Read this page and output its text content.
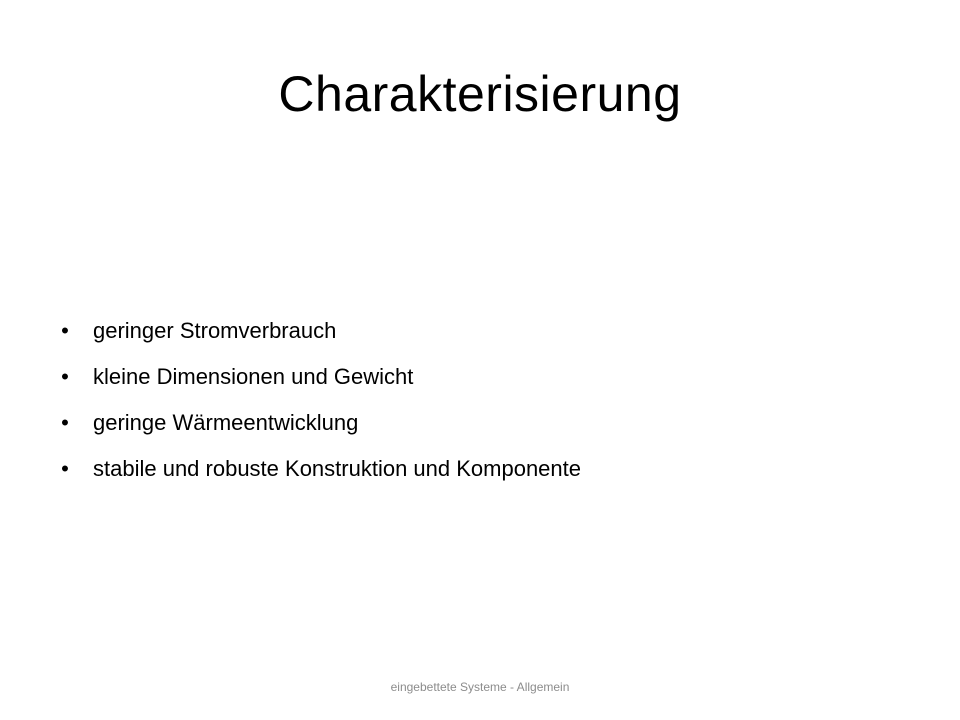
Charakterisierung
• geringer Stromverbrauch
• kleine Dimensionen und Gewicht
• geringe Wärmeentwicklung
• stabile und robuste Konstruktion und Komponente
eingebettete Systeme - Allgemein
